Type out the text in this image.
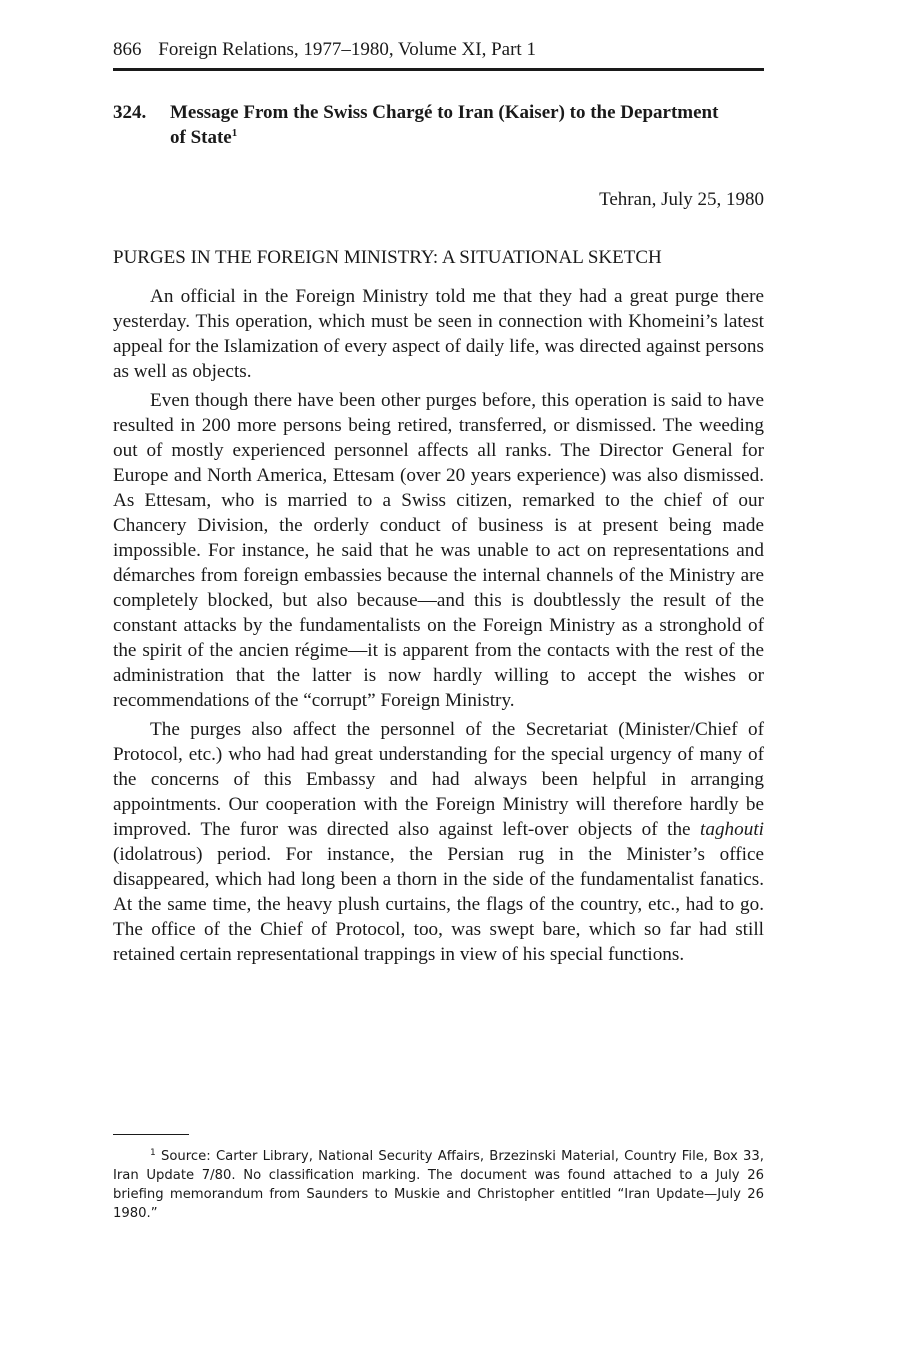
866 Foreign Relations, 1977–1980, Volume XI, Part 1
324. Message From the Swiss Chargé to Iran (Kaiser) to the Department of State$^1$
Tehran, July 25, 1980
PURGES IN THE FOREIGN MINISTRY: A SITUATIONAL SKETCH

An official in the Foreign Ministry told me that they had a great purge there yesterday. This operation, which must be seen in connection with Khomeini’s latest appeal for the Islamization of every aspect of daily life, was directed against persons as well as objects.

Even though there have been other purges before, this operation is said to have resulted in 200 more persons being retired, transferred, or dismissed. The weeding out of mostly experienced personnel affects all ranks. The Director General for Europe and North America, Ettesam (over 20 years experience) was also dismissed. As Ettesam, who is married to a Swiss citizen, remarked to the chief of our Chancery Division, the orderly conduct of business is at present being made impossible. For instance, he said that he was unable to act on representations and démarches from foreign embassies because the internal channels of the Ministry are completely blocked, but also because—and this is doubtlessly the result of the constant attacks by the fundamentalists on the Foreign Ministry as a stronghold of the spirit of the ancien régime—it is apparent from the contacts with the rest of the administration that the latter is now hardly willing to accept the wishes or recommendations of the “corrupt” Foreign Ministry.

The purges also affect the personnel of the Secretariat (Minister/Chief of Protocol, etc.) who had had great understanding for the special urgency of many of the concerns of this Embassy and had always been helpful in arranging appointments. Our cooperation with the Foreign Ministry will therefore hardly be improved. The furor was directed also against left-over objects of the taghouti (idolatrous) period. For instance, the Persian rug in the Minister’s office disappeared, which had long been a thorn in the side of the fundamentalist fanatics. At the same time, the heavy plush curtains, the flags of the country, etc., had to go. The office of the Chief of Protocol, too, was swept bare, which so far had still retained certain representational trappings in view of his special functions.

$^1$ Source: Carter Library, National Security Affairs, Brzezinski Material, Country File, Box 33, Iran Update 7/80. No classification marking. The document was found attached to a July 26 briefing memorandum from Saunders to Muskie and Christopher entitled “Iran Update—July 26 1980.”
